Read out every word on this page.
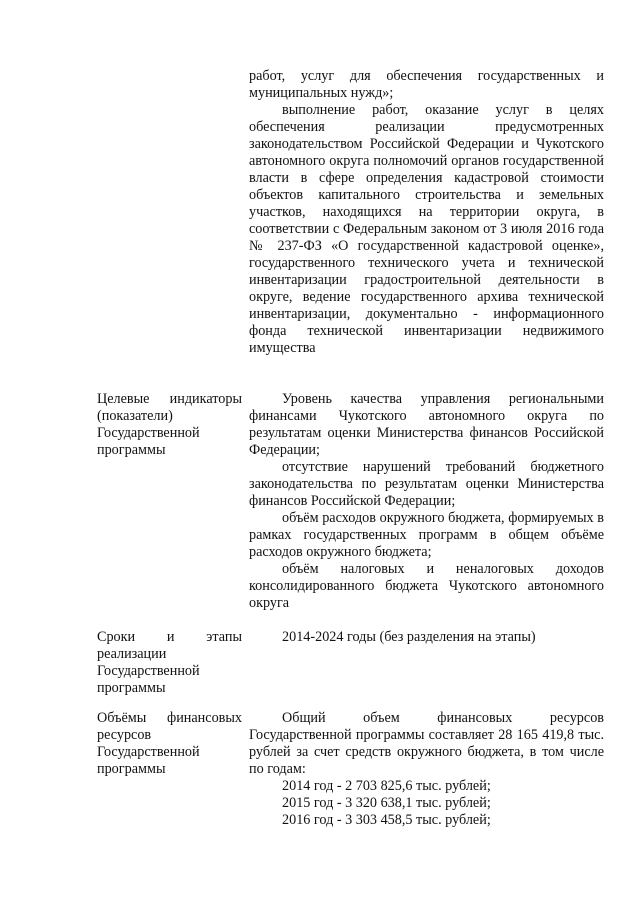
работ, услуг для обеспечения государственных и муниципальных нужд»;

выполнение работ, оказание услуг в целях обеспечения реализации предусмотренных законодательством Российской Федерации и Чукотского автономного округа полномочий органов государственной власти в сфере определения кадастровой стоимости объектов капитального строительства и земельных участков, находящихся на территории округа, в соответствии с Федеральным законом от 3 июля 2016 года № 237-ФЗ «О государственной кадастровой оценке», государственного технического учета и технической инвентаризации градостроительной деятельности в округе, ведение государственного архива технической инвентаризации, документально - информационного фонда технической инвентаризации недвижимого имущества

Целевые индикаторы (показатели) Государственной программы

Уровень качества управления региональными финансами Чукотского автономного округа по результатам оценки Министерства финансов Российской Федерации;

отсутствие нарушений требований бюджетного законодательства по результатам оценки Министерства финансов Российской Федерации;

объём расходов окружного бюджета, формируемых в рамках государственных программ в общем объёме расходов окружного бюджета;

объём налоговых и неналоговых доходов консолидированного бюджета Чукотского автономного округа

Сроки и этапы реализации Государственной программы

2014-2024 годы (без разделения на этапы)

Объёмы финансовых ресурсов Государственной программы

Общий объем финансовых ресурсов Государственной программы составляет 28 165 419,8 тыс. рублей за счет средств окружного бюджета, в том числе по годам:

2014 год - 2 703 825,6 тыс. рублей;

2015 год - 3 320 638,1 тыс. рублей;

2016 год - 3 303 458,5 тыс. рублей;
